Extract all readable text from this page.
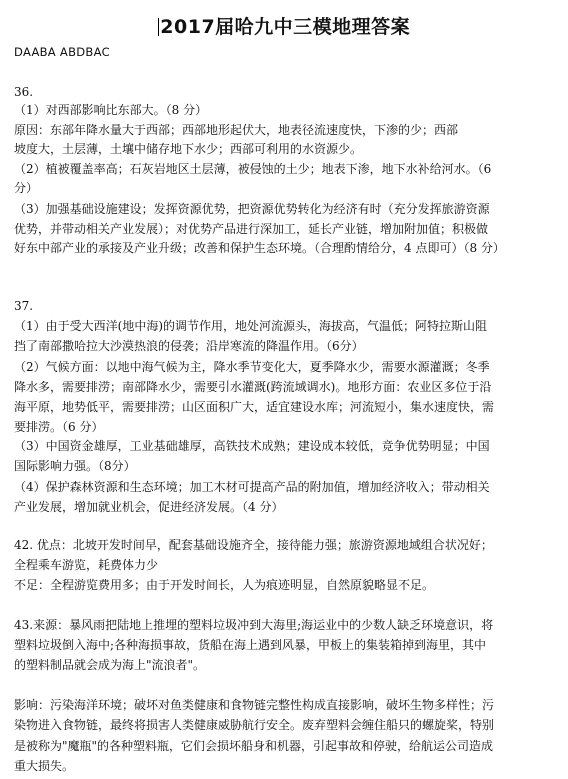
2017届哈九中三模地理答案
DAABA ABDBAC
36.
（1）对西部影响比东部大。（8 分）
原因：东部年降水量大于西部；西部地形起伏大，地表径流速度快，下渗的少；西部
坡度大，土层薄，土壤中储存地下水少；西部可利用的水资源少。
（2）植被覆盖率高；石灰岩地区土层薄，被侵蚀的土少；地表下渗，地下水补给河水。（6
分）
（3）加强基础设施建设；发挥资源优势，把资源优势转化为经济有时（充分发挥旅游资源
优势，并带动相关产业发展）；对优势产品进行深加工，延长产业链，增加附加值；积极做
好东中部产业的承接及产业升级；改善和保护生态环境。（合理酌情给分，4 点即可）（8 分）
37.
（1）由于受大西洋(地中海)的调节作用，地处河流源头，海拔高，气温低；阿特拉斯山阻
挡了南部撒哈拉大沙漠热浪的侵袭；沿岸寒流的降温作用。（6分）
（2）气候方面：以地中海气候为主，降水季节变化大，夏季降水少，需要水源灌溉；冬季
降水多，需要排涝；南部降水少，需要引水灌溉(跨流域调水)。地形方面：农业区多位于沿
海平原，地势低平，需要排涝；山区面积广大，适宜建设水库；河流短小，集水速度快，需
要排涝。（6 分）
（3）中国资金雄厚，工业基础雄厚，高铁技术成熟；建设成本较低，竞争优势明显；中国
国际影响力强。（8分）
（4）保护森林资源和生态环境；加工木材可提高产品的附加值，增加经济收入；带动相关
产业发展，增加就业机会，促进经济发展。（4 分）
42. 优点：北坡开发时间早，配套基础设施齐全，接待能力强；旅游资源地域组合状况好；
全程乘车游览，耗费体力少
不足：全程游览费用多；由于开发时间长，人为痕迹明显，自然原貌略显不足。
43.来源：暴风雨把陆地上推埋的塑料垃圾冲到大海里;海运业中的少数人缺乏环境意识，将
塑料垃圾倒入海中;各种海损事故，货船在海上遇到风暴，甲板上的集装箱掉到海里，其中
的塑料制品就会成为海上"流浪者"。
影响：污染海洋环境；破坏对鱼类健康和食物链完整性构成直接影响，破坏生物多样性；污
染物进入食物链，最终将损害人类健康威胁航行安全。废弃塑料会缠住船只的螺旋桨，特别
是被称为"魔瓶"的各种塑料瓶，它们会损坏船身和机器，引起事故和停驶，给航运公司造成
重大损失。
